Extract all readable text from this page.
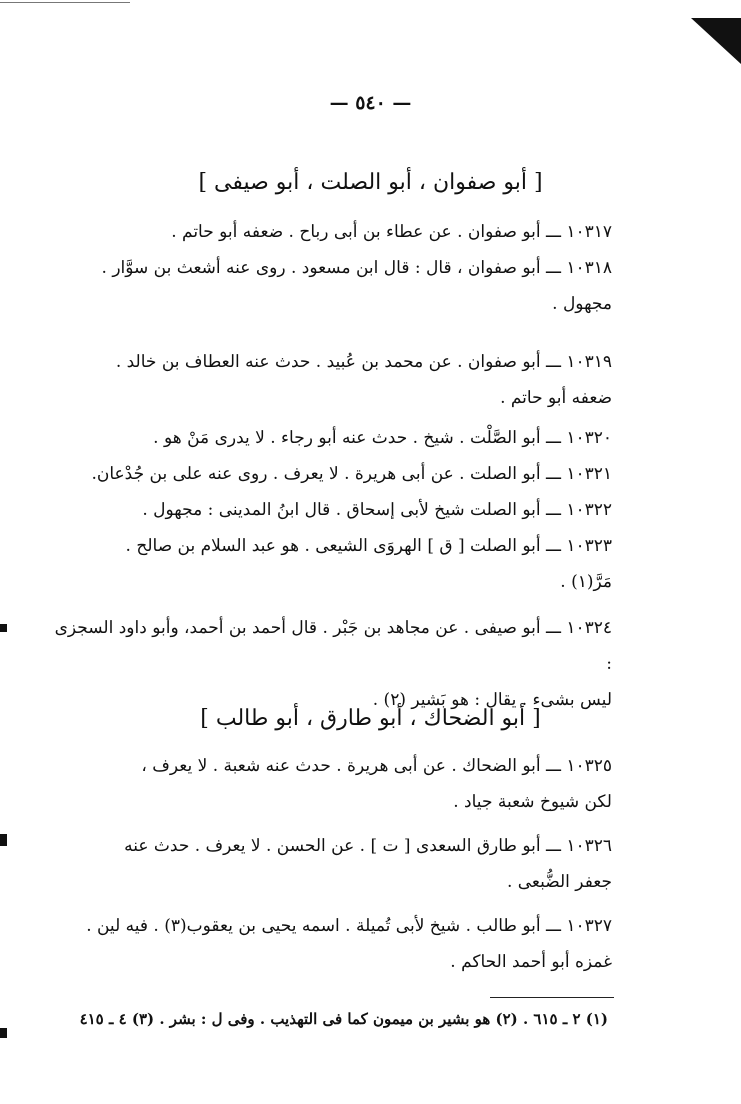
— ٥٤٠ —
[ أبو صفوان ، أبو الصلت ، أبو صيفى ]

١٠٣١٧ ـــ أبو صفوان . عن عطاء بن أبى رباح . ضعفه أبو حاتم .

١٠٣١٨ ـــ أبو صفوان ، قال : قال ابن مسعود . روى عنه أشعث بن سوَّار .

مجهول .

١٠٣١٩ ـــ أبو صفوان . عن محمد بن عُبيد . حدث عنه العطاف بن خالد .

ضعفه أبو حاتم .

١٠٣٢٠ ـــ أبو الصَّلْت . شيخ . حدث عنه أبو رجاء . لا يدرى مَنْ هو .

١٠٣٢١ ـــ أبو الصلت . عن أبى هريرة . لا يعرف . روى عنه على بن جُدْعان.

١٠٣٢٢ ـــ أبو الصلت شيخ لأبى إسحاق . قال ابنُ المدينى : مجهول .

١٠٣٢٣ ـــ أبو الصلت [ ق ] الهروَى الشيعى . هو عبد السلام بن صالح .

مَرَّ(١) .

١٠٣٢٤ ـــ أبو صيفى . عن مجاهد بن جَبْر . قال أحمد بن أحمد، وأبو داود السجزى :

ليس بشىء . يقال : هو بَشير (٢) .

[ أبو الضحاك ، أبو طارق ، أبو طالب ]

١٠٣٢٥ ـــ أبو الضحاك . عن أبى هريرة . حدث عنه شعبة . لا يعرف ،

لكن شيوخ شعبة جياد .

١٠٣٢٦ ـــ أبو طارق السعدى [ ت ] . عن الحسن . لا يعرف . حدث عنه

جعفر الضُّبعى .

١٠٣٢٧ ـــ أبو طالب . شيخ لأبى تُميلة . اسمه يحيى بن يعقوب(٣) . فيه لين .

غمزه أبو أحمد الحاكم .

(١) ٢ ـ ٦١٥ . (٢) هو بشير بن ميمون كما فى التهذيب . وفى ل : بشر . (٣) ٤ ـ ٤١٥
